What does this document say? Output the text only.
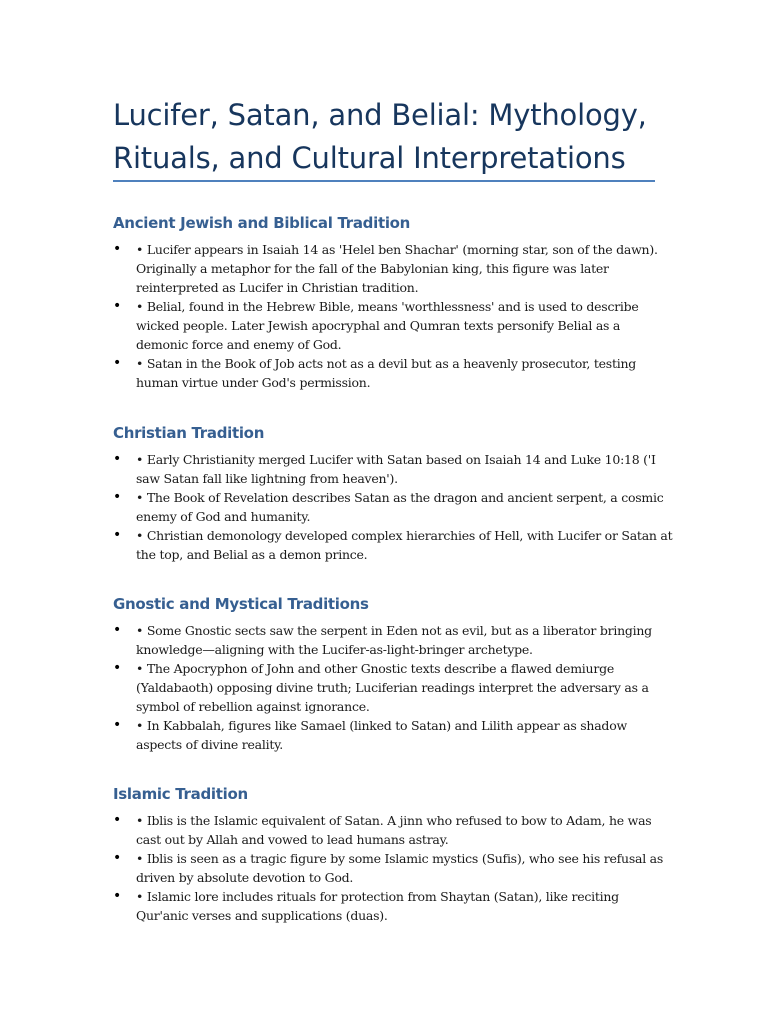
Lucifer, Satan, and Belial: Mythology, Rituals, and Cultural Interpretations
Ancient Jewish and Biblical Tradition
• • Lucifer appears in Isaiah 14 as 'Helel ben Shachar' (morning star, son of the dawn). Originally a metaphor for the fall of the Babylonian king, this figure was later reinterpreted as Lucifer in Christian tradition.
• • Belial, found in the Hebrew Bible, means 'worthlessness' and is used to describe wicked people. Later Jewish apocryphal and Qumran texts personify Belial as a demonic force and enemy of God.
• • Satan in the Book of Job acts not as a devil but as a heavenly prosecutor, testing human virtue under God's permission.
Christian Tradition
• • Early Christianity merged Lucifer with Satan based on Isaiah 14 and Luke 10:18 ('I saw Satan fall like lightning from heaven').
• • The Book of Revelation describes Satan as the dragon and ancient serpent, a cosmic enemy of God and humanity.
• • Christian demonology developed complex hierarchies of Hell, with Lucifer or Satan at the top, and Belial as a demon prince.
Gnostic and Mystical Traditions
• • Some Gnostic sects saw the serpent in Eden not as evil, but as a liberator bringing knowledge—aligning with the Lucifer-as-light-bringer archetype.
• • The Apocryphon of John and other Gnostic texts describe a flawed demiurge (Yaldabaoth) opposing divine truth; Luciferian readings interpret the adversary as a symbol of rebellion against ignorance.
• • In Kabbalah, figures like Samael (linked to Satan) and Lilith appear as shadow aspects of divine reality.
Islamic Tradition
• • Iblis is the Islamic equivalent of Satan. A jinn who refused to bow to Adam, he was cast out by Allah and vowed to lead humans astray.
• • Iblis is seen as a tragic figure by some Islamic mystics (Sufis), who see his refusal as driven by absolute devotion to God.
• • Islamic lore includes rituals for protection from Shaytan (Satan), like reciting Qur'anic verses and supplications (duas).
